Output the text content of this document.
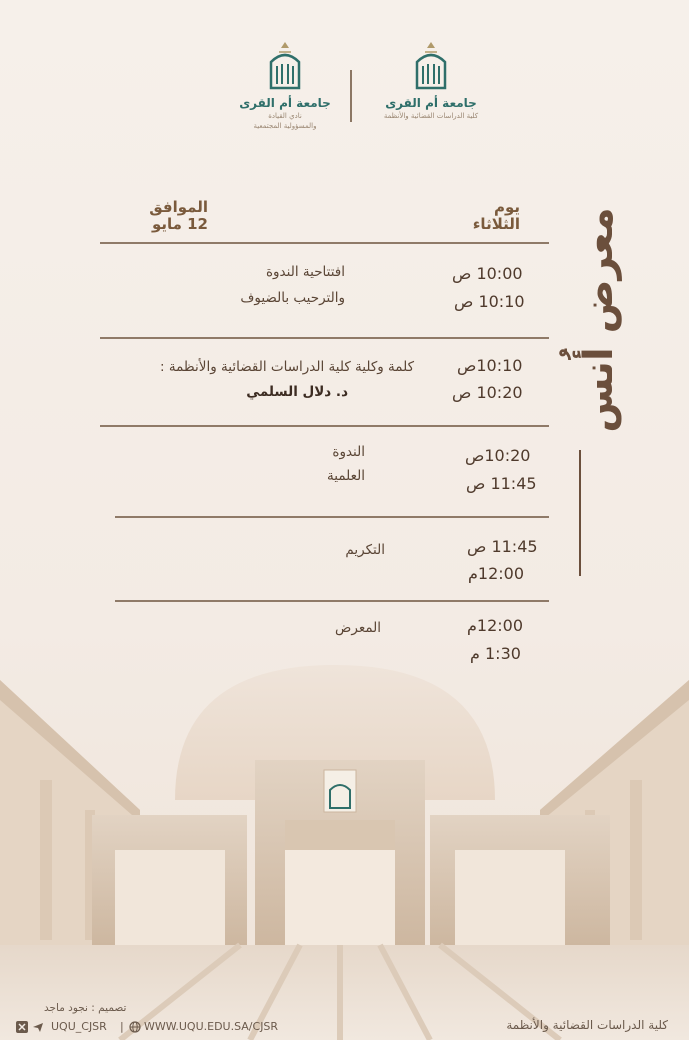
جامعة أم القرى
كلية الدراسات القضائية والأنظمة
جامعة أم القرى
نادي القيادة
والمسؤولية المجتمعية
معرض أُنس
يوم
الثلاثاء
الموافق
12 مايو
10:00 ص
10:10 ص
افتتاحية الندوة
والترحيب بالضيوف
10:10ص
10:20 ص
كلمة وكلية كلية الدراسات القضائية والأنظمة :
د. دلال السلمي
10:20ص
11:45 ص
الندوة
العلمية
11:45 ص
12:00م
التكريم
12:00م
1:30 م
المعرض
تصميم : نجود ماجد
UQU_CJSR | WWW.UQU.EDU.SA/CJSR	كلية الدراسات القضائية والأنظمة
